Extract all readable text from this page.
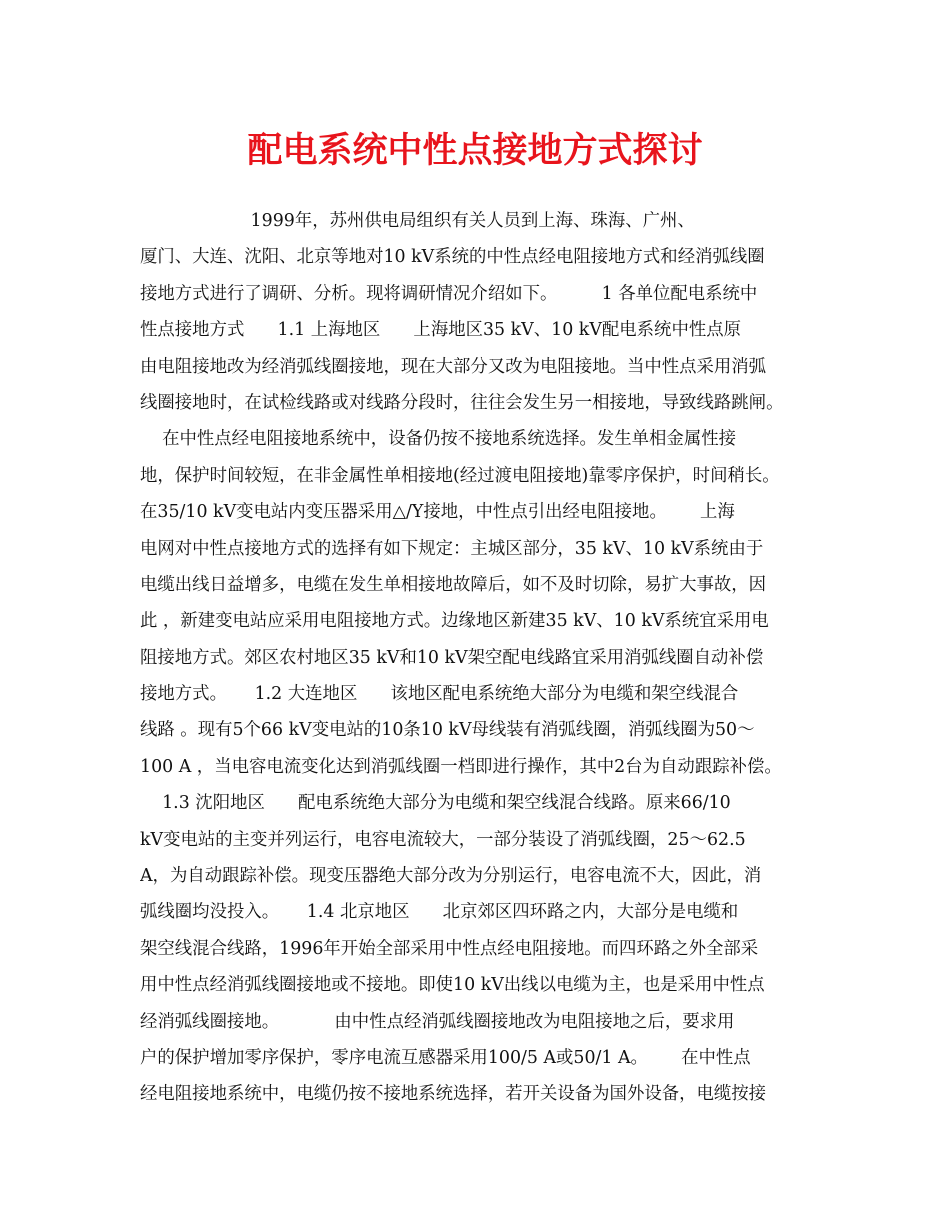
配电系统中性点接地方式探讨
1999年，苏州供电局组织有关人员到上海、珠海、广州、
厦门、大连、沈阳、北京等地对10 kV系统的中性点经电阻接地方式和经消弧线圈
接地方式进行了调研、分析。现将调研情况介绍如下。        1 各单位配电系统中
性点接地方式      1.1 上海地区      上海地区35 kV、10 kV配电系统中性点原
由电阻接地改为经消弧线圈接地，现在大部分又改为电阻接地。当中性点采用消弧
线圈接地时，在试检线路或对线路分段时，往往会发生另一相接地，导致线路跳闸。
在中性点经电阻接地系统中，设备仍按不接地系统选择。发生单相金属性接
地，保护时间较短，在非金属性单相接地(经过渡电阻接地)靠零序保护，时间稍长。
在35/10 kV变电站内变压器采用△/Y接地，中性点引出经电阻接地。      上海
电网对中性点接地方式的选择有如下规定：主城区部分，35 kV、10 kV系统由于
电缆出线日益增多，电缆在发生单相接地故障后，如不及时切除，易扩大事故，因
此 ，新建变电站应采用电阻接地方式。边缘地区新建35 kV、10 kV系统宜采用电
阻接地方式。郊区农村地区35 kV和10 kV架空配电线路宜采用消弧线圈自动补偿
接地方式。     1.2 大连地区      该地区配电系统绝大部分为电缆和架空线混合
线路 。现有5个66 kV变电站的10条10 kV母线装有消弧线圈，消弧线圈为50～
100 A ，当电容电流变化达到消弧线圈一档即进行操作，其中2台为自动跟踪补偿。
1.3 沈阳地区      配电系统绝大部分为电缆和架空线混合线路。原来66/10
kV变电站的主变并列运行，电容电流较大，一部分装设了消弧线圈，25～62.5
A，为自动跟踪补偿。现变压器绝大部分改为分别运行，电容电流不大，因此，消
弧线圈均没投入。     1.4 北京地区      北京郊区四环路之内，大部分是电缆和
架空线混合线路，1996年开始全部采用中性点经电阻接地。而四环路之外全部采
用中性点经消弧线圈接地或不接地。即使10 kV出线以电缆为主，也是采用中性点
经消弧线圈接地。          由中性点经消弧线圈接地改为电阻接地之后，要求用
户的保护增加零序保护，零序电流互感器采用100/5 A或50/1 A。      在中性点
经电阻接地系统中，电缆仍按不接地系统选择，若开关设备为国外设备，电缆按接
